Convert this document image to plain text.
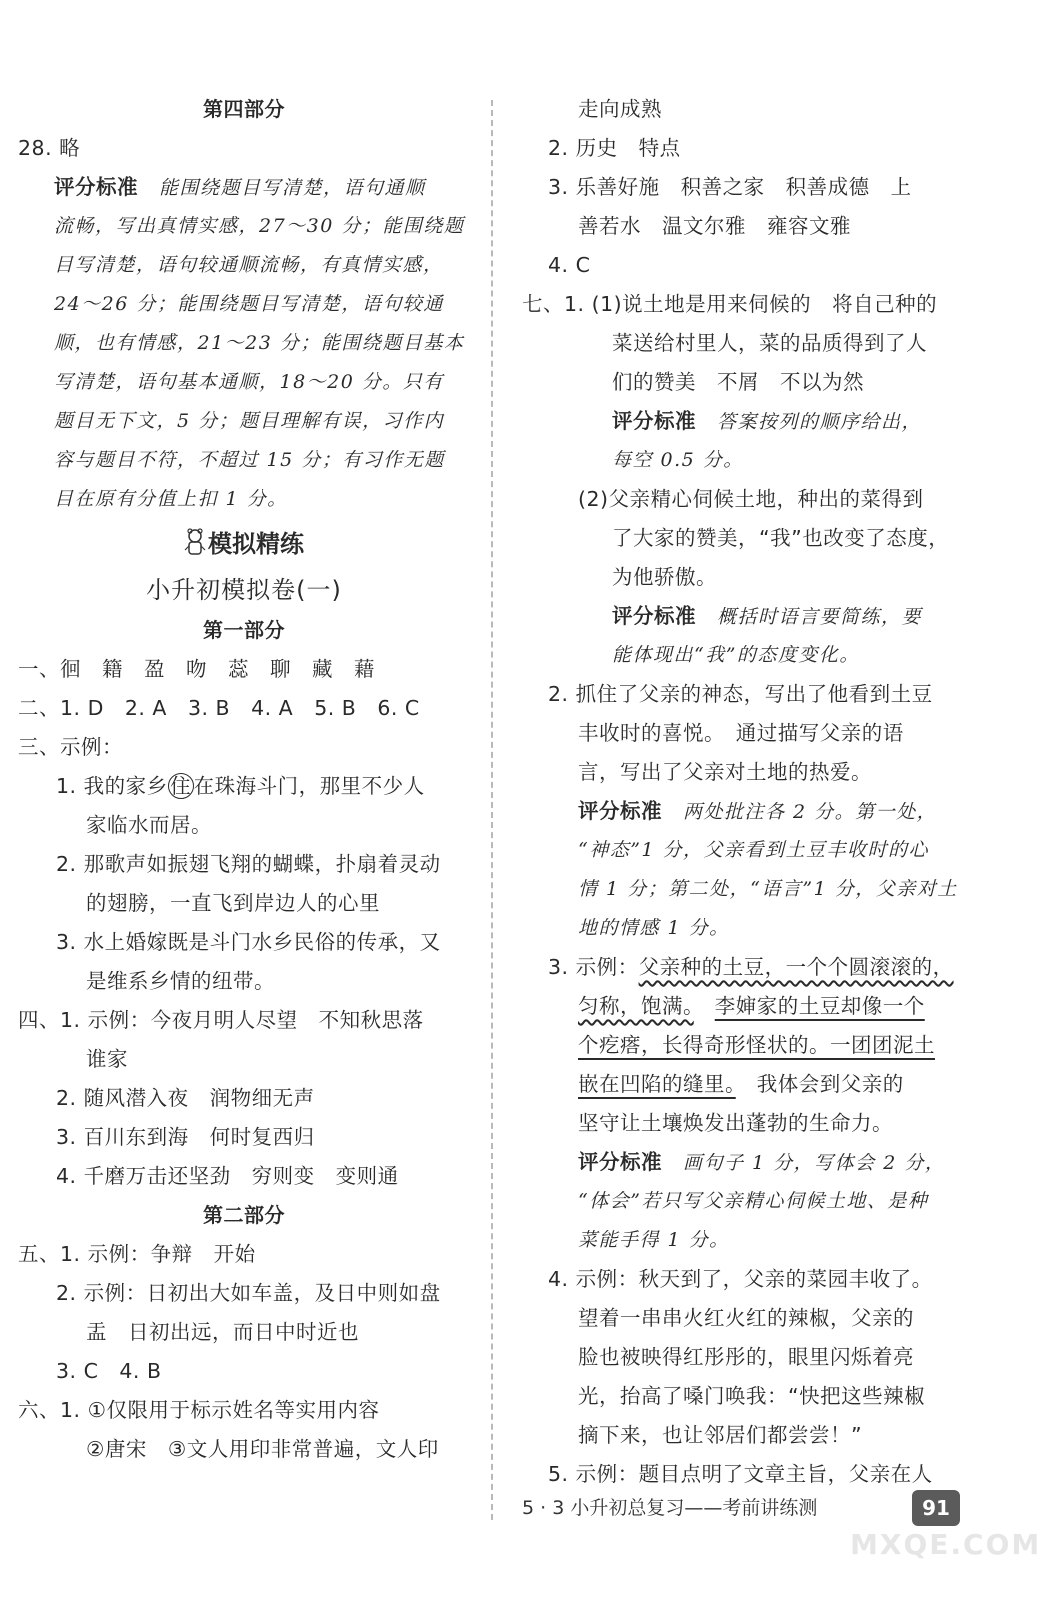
第四部分
28. 略
评分标准　 能围绕题目写清楚，语句通顺
流畅，写出真情实感，27～30 分；能围绕题
目写清楚，语句较通顺流畅，有真情实感，
24～26 分；能围绕题目写清楚，语句较通
顺，也有情感，21～23 分；能围绕题目基本
写清楚，语句基本通顺，18～20 分。只有
题目无下文，5 分；题目理解有误，习作内
容与题目不符，不超过 15 分；有习作无题
目在原有分值上扣 1 分。
模拟精练
小升初模拟卷(一)
第一部分
一、徊　籍　盈　吻　蕊　聊　藏　藉
二、1. D　2. A　3. B　4. A　5. B　6. C
三、示例：
1. 我的家乡 住 在珠海斗门，那里不少人
家临水而居。
2. 那歌声如振翅飞翔的蝴蝶，扑扇着灵动
的翅膀，一直飞到岸边人的心里
3. 水上婚嫁既是斗门水乡民俗的传承，又
是维系乡情的纽带。
四、1. 示例：今夜月明人尽望　不知秋思落
谁家
2. 随风潜入夜　润物细无声
3. 百川东到海　何时复西归
4. 千磨万击还坚劲　穷则变　变则通
第二部分
五、1. 示例：争辩　开始
2. 示例：日初出大如车盖，及日中则如盘
盂　日初出远，而日中时近也
3. C　4. B
六、1. ①仅限用于标示姓名等实用内容
②唐宋　③文人用印非常普遍，文人印
走向成熟
2. 历史　特点
3. 乐善好施　积善之家　积善成德　上
善若水　温文尔雅　雍容文雅
4. C
七、1. (1)说土地是用来伺候的　将自己种的
菜送给村里人，菜的品质得到了人
们的赞美　不屑　不以为然
评分标准　 答案按列的顺序给出，
每空 0.5 分。
(2)父亲精心伺候土地，种出的菜得到
了大家的赞美，“我”也改变了态度，
为他骄傲。
评分标准　 概括时语言要简练，要
能体现出“我”的态度变化。
2. 抓住了父亲的神态，写出了他看到土豆
丰收时的喜悦。　通过描写父亲的语
言，写出了父亲对土地的热爱。
评分标准　 两处批注各 2 分。第一处，
“神态”1 分，父亲看到土豆丰收时的心
情 1 分；第二处，“语言”1 分，父亲对土
地的情感 1 分。
3. 示例：父亲种的土豆，一个个圆滚滚的，
匀称，饱满。　 李婶家的土豆却像一个
个疙瘩，长得奇形怪状的。一团团泥土
嵌在凹陷的缝里。　我体会到父亲的
坚守让土壤焕发出蓬勃的生命力。
评分标准　 画句子 1 分，写体会 2 分，
“体会”若只写父亲精心伺候土地、是种
菜能手得 1 分。
4. 示例：秋天到了，父亲的菜园丰收了。
望着一串串火红火红的辣椒，父亲的
脸也被映得红彤彤的，眼里闪烁着亮
光，抬高了嗓门唤我：“快把这些辣椒
摘下来，也让邻居们都尝尝！”
5. 示例：题目点明了文章主旨，父亲在人
5 · 3 小升初总复习——考前讲练测	91
MXQE.COM
